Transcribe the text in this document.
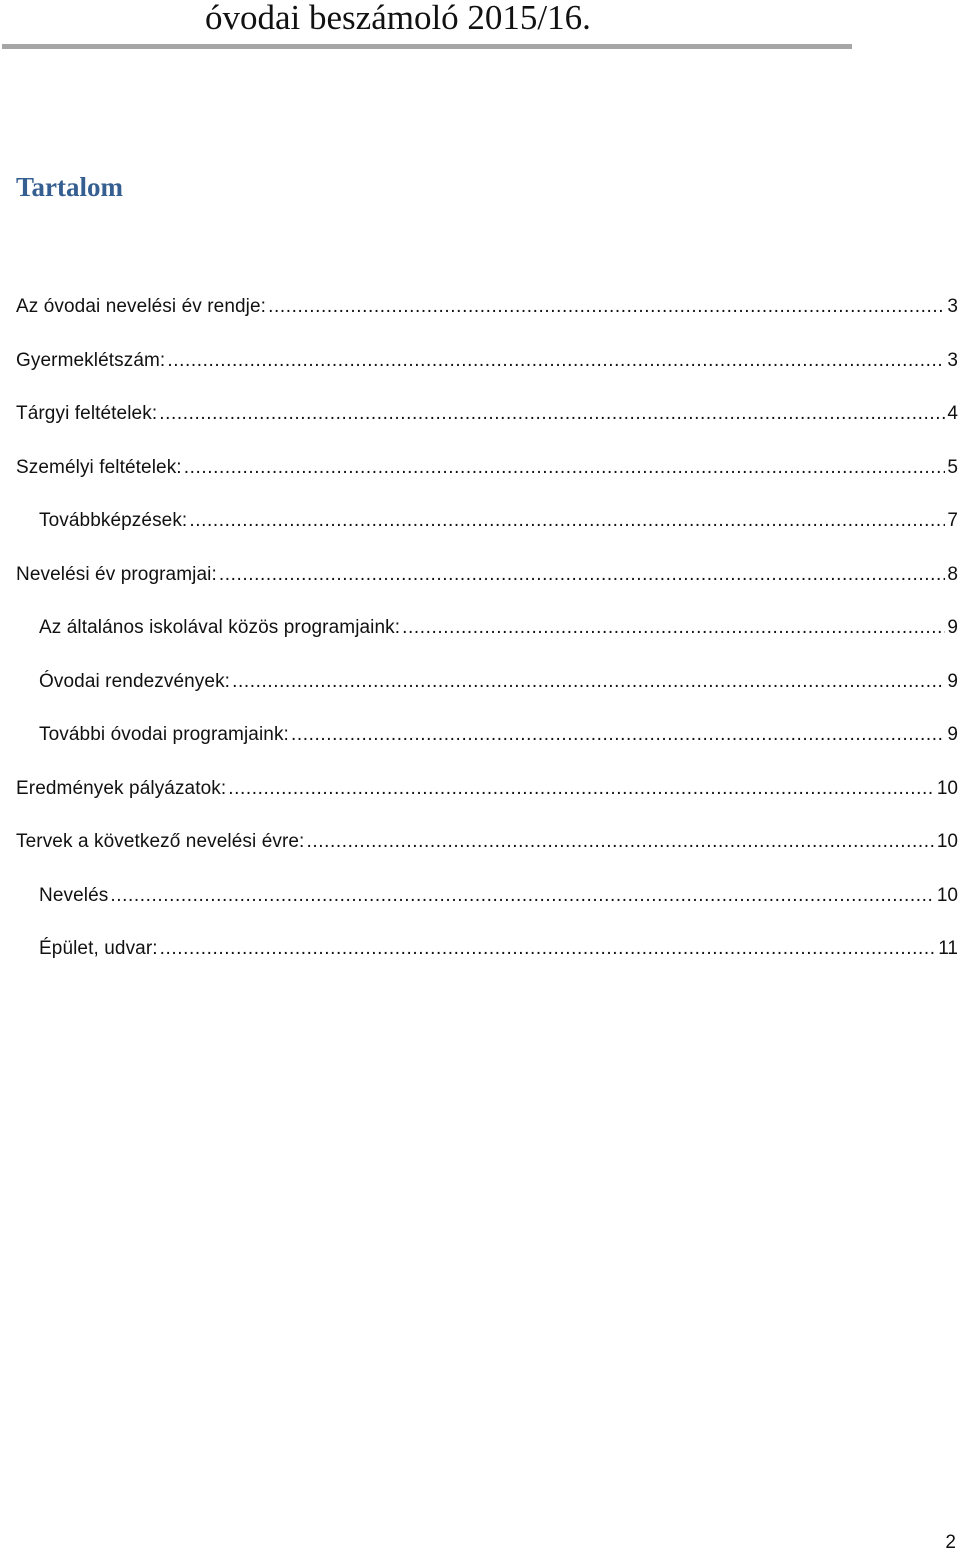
óvodai beszámoló 2015/16.
Tartalom
Az óvodai nevelési év rendje: .....	3
Gyermeklétszám: .....	3
Tárgyi feltételek: .....	4
Személyi feltételek: .....	5
Továbbképzések: .....	7
Nevelési év programjai: .....	8
Az általános iskolával közös programjaink: .....	9
Óvodai rendezvények: .....	9
További óvodai programjaink: .....	9
Eredmények pályázatok: .....	10
Tervek a következő nevelési évre: .....	10
Nevelés .....	10
Épület, udvar: .....	11
2
